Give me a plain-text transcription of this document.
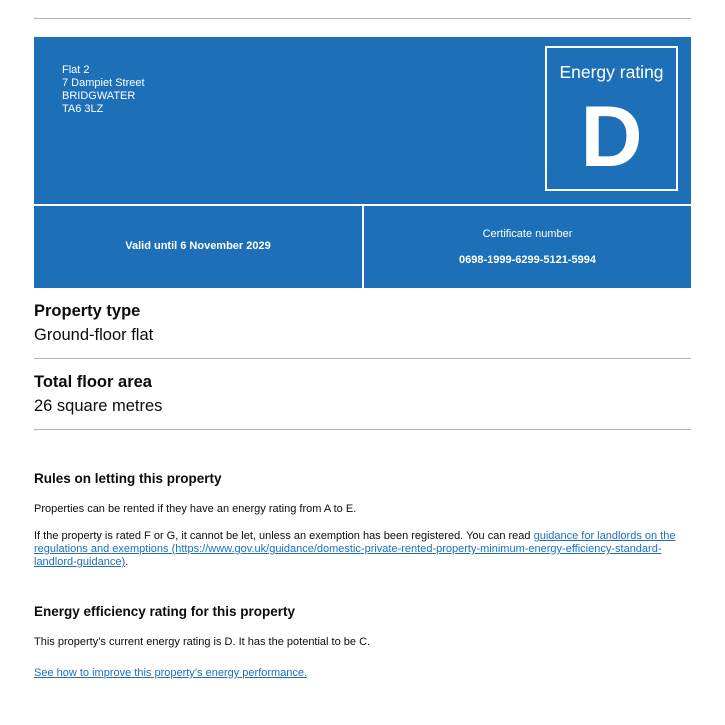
Flat 2
7 Dampiet Street
BRIDGWATER
TA6 3LZ
Energy rating
D
Valid until 6 November 2029
Certificate number
0698-1999-6299-5121-5994
Property type
Ground-floor flat
Total floor area
26 square metres
Rules on letting this property
Properties can be rented if they have an energy rating from A to E.
If the property is rated F or G, it cannot be let, unless an exemption has been registered. You can read guidance for landlords on the regulations and exemptions (https://www.gov.uk/guidance/domestic-private-rented-property-minimum-energy-efficiency-standard-landlord-guidance).
Energy efficiency rating for this property
This property’s current energy rating is D. It has the potential to be C.
See how to improve this property’s energy performance.
